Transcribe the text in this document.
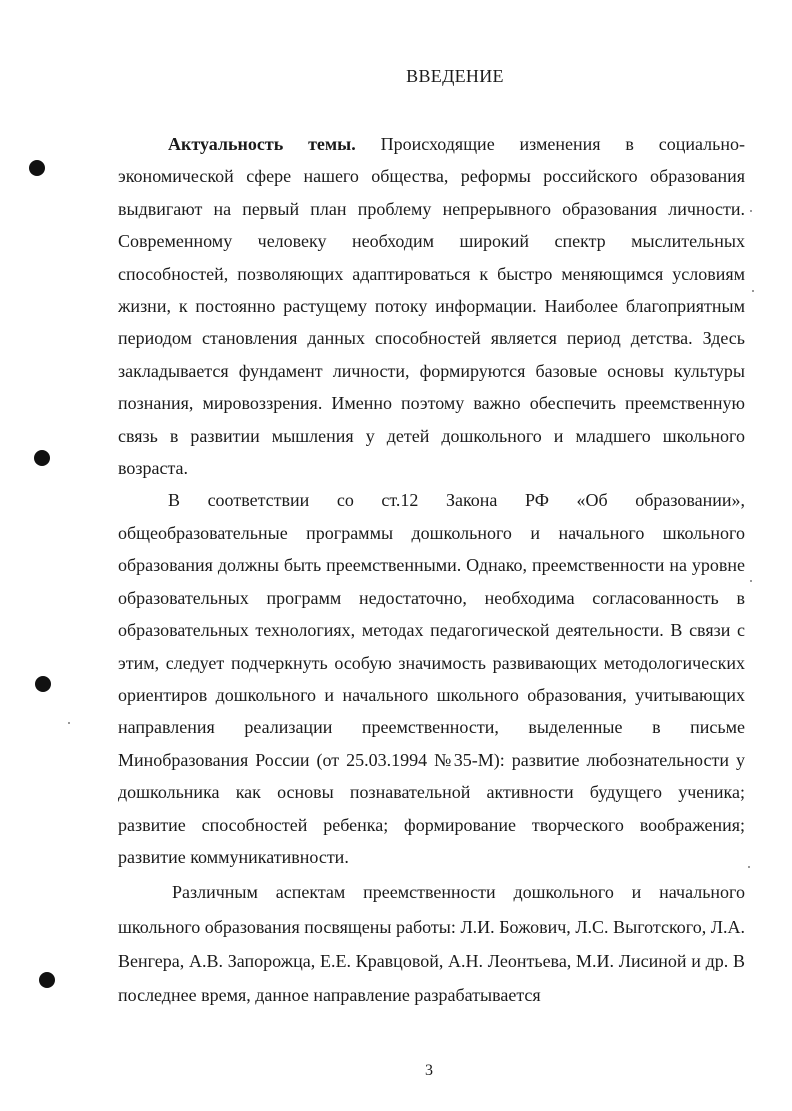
ВВЕДЕНИЕ

Актуальность темы. Происходящие изменения в социально-экономической сфере нашего общества, реформы российского образования выдвигают на первый план проблему непрерывного образования личности. Современному человеку необходим широкий спектр мыслительных способностей, позволяющих адаптироваться к быстро меняющимся условиям жизни, к постоянно растущему потоку информации. Наиболее благоприятным периодом становления данных способностей является период детства. Здесь закладывается фундамент личности, формируются базовые основы культуры познания, мировоззрения. Именно поэтому важно обеспечить преемственную связь в развитии мышления у детей дошкольного и младшего школьного возраста.

В соответствии со ст.12 Закона РФ «Об образовании», общеобразовательные программы дошкольного и начального школьного образования должны быть преемственными. Однако, преемственности на уровне образовательных программ недостаточно, необходима согласованность в образовательных технологиях, методах педагогической деятельности. В связи с этим, следует подчеркнуть особую значимость развивающих методологических ориентиров дошкольного и начального школьного образования, учитывающих направления реализации преемственности, выделенные в письме Минобразования России (от 25.03.1994 №35-М): развитие любознательности у дошкольника как основы познавательной активности будущего ученика; развитие способностей ребенка; формирование творческого воображения; развитие коммуникативности.

Различным аспектам преемственности дошкольного и начального школьного образования посвящены работы: Л.И. Божович, Л.С. Выготского, Л.А. Венгера, А.В. Запорожца, Е.Е. Кравцовой, А.Н. Леонтьева, М.И. Лисиной и др. В последнее время, данное направление разрабатывается

3
